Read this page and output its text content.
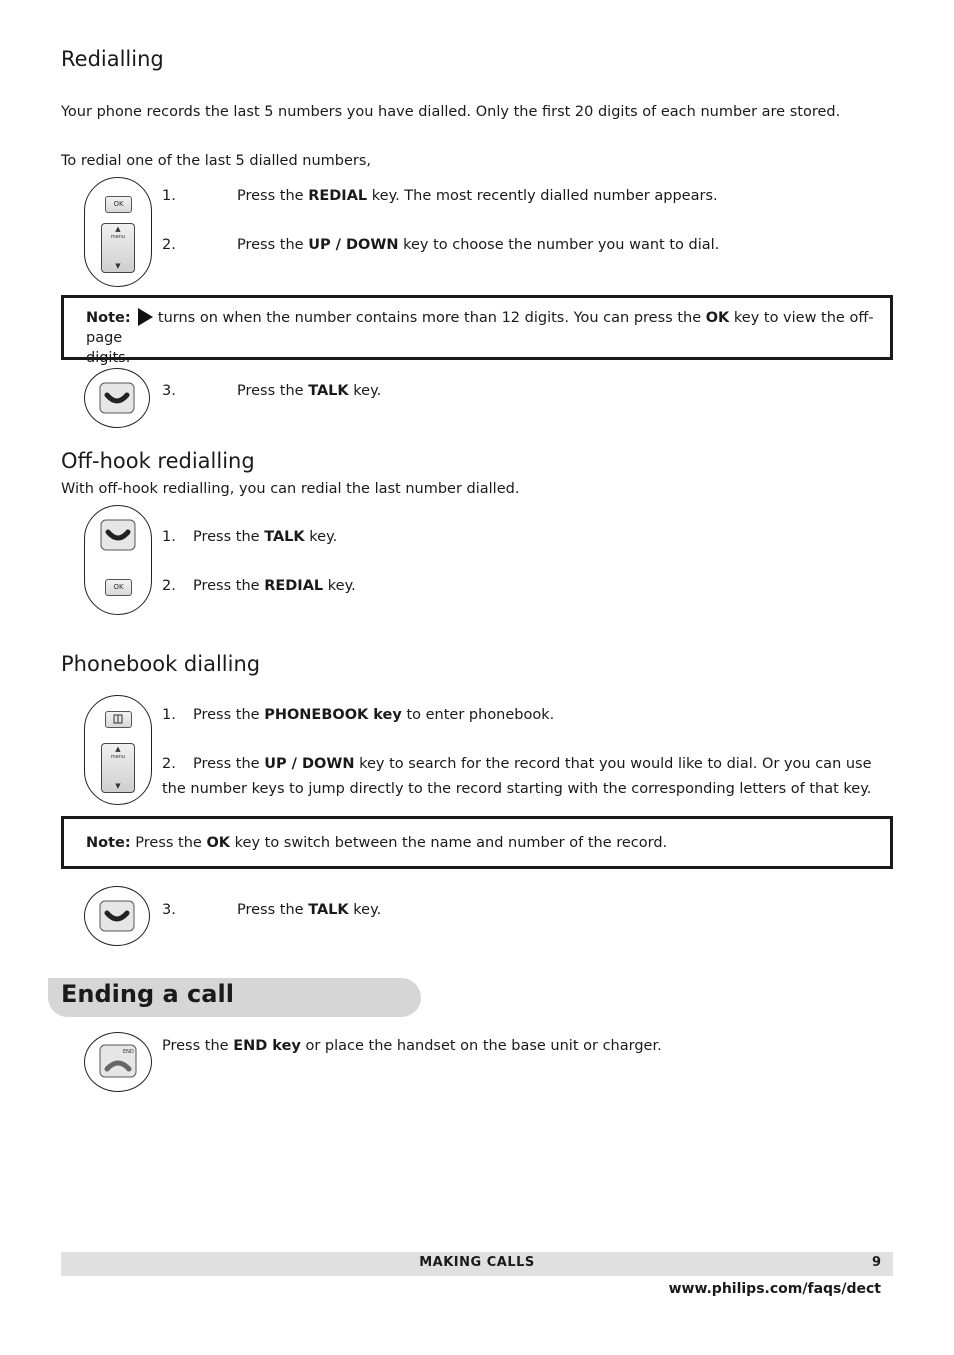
Redialling
Your phone records the last 5 numbers you have dialled. Only the first 20 digits of each number are stored.
To redial one of the last 5 dialled numbers,
OK
▲
menu
▼
1.	Press the REDIAL key. The most recently dialled number appears.
2.	Press the UP / DOWN key to choose the number you want to dial.
Note:  turns on when the number contains more than 12 digits. You can press the OK key to view the off-page
digits.
3.	Press the TALK key.
Off-hook redialling
With off-hook redialling, you can redial the last number dialled.
OK
1. Press the TALK key.
2. Press the REDIAL key.
Phonebook dialling
▲
menu
▼
1. Press the PHONEBOOK key to enter phonebook.
2. Press the UP / DOWN key to search for the record that you would like to dial. Or you can use
the number keys to jump directly to the record starting with the corresponding letters of that key.
Note: Press the OK key to switch between the name and number of the record.
3.	Press the TALK key.
Ending a call
END Press the END key or place the handset on the base unit or charger.
MAKING CALLS	9
www.philips.com/faqs/dect
